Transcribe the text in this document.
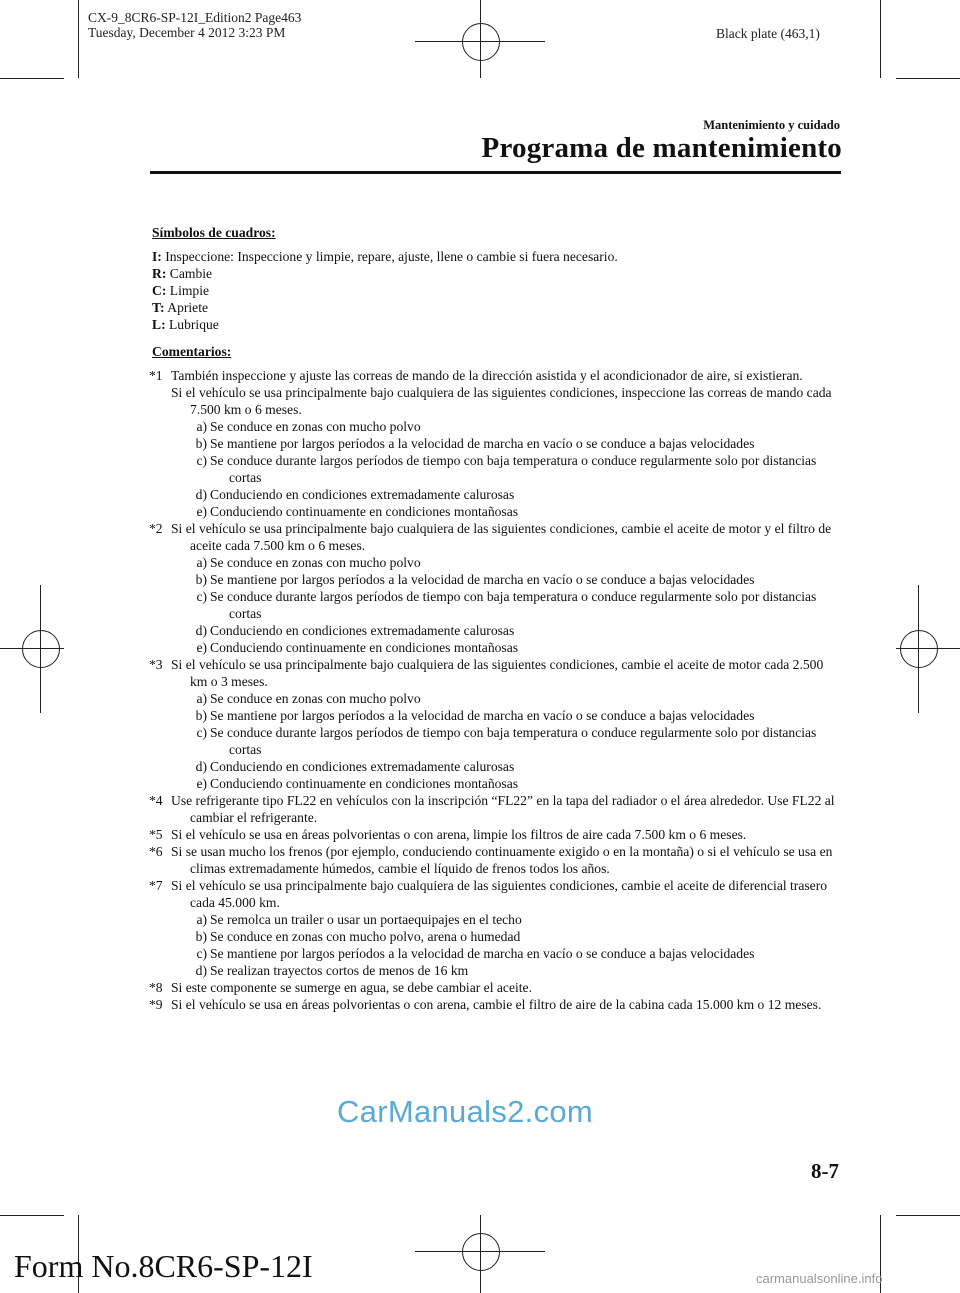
CX-9_8CR6-SP-12I_Edition2 Page463
Tuesday, December 4 2012 3:23 PM	Black plate (463,1)
Mantenimiento y cuidado
Programa de mantenimiento
Símbolos de cuadros:
I: Inspeccione: Inspeccione y limpie, repare, ajuste, llene o cambie si fuera necesario.
R: Cambie
C: Limpie
T: Apriete
L: Lubrique
Comentarios:
*1 También inspeccione y ajuste las correas de mando de la dirección asistida y el acondicionador de aire, si existieran.

Si el vehículo se usa principalmente bajo cualquiera de las siguientes condiciones, inspeccione las correas de mando cada 7.500 km o 6 meses.

a) Se conduce en zonas con mucho polvo

b) Se mantiene por largos períodos a la velocidad de marcha en vacío o se conduce a bajas velocidades

c) Se conduce durante largos períodos de tiempo con baja temperatura o conduce regularmente solo por distancias cortas

d) Conduciendo en condiciones extremadamente calurosas

e) Conduciendo continuamente en condiciones montañosas

*2 Si el vehículo se usa principalmente bajo cualquiera de las siguientes condiciones, cambie el aceite de motor y el filtro de aceite cada 7.500 km o 6 meses.

a) Se conduce en zonas con mucho polvo

b) Se mantiene por largos períodos a la velocidad de marcha en vacío o se conduce a bajas velocidades

c) Se conduce durante largos períodos de tiempo con baja temperatura o conduce regularmente solo por distancias cortas

d) Conduciendo en condiciones extremadamente calurosas

e) Conduciendo continuamente en condiciones montañosas

*3 Si el vehículo se usa principalmente bajo cualquiera de las siguientes condiciones, cambie el aceite de motor cada 2.500 km o 3 meses.

a) Se conduce en zonas con mucho polvo

b) Se mantiene por largos períodos a la velocidad de marcha en vacío o se conduce a bajas velocidades

c) Se conduce durante largos períodos de tiempo con baja temperatura o conduce regularmente solo por distancias cortas

d) Conduciendo en condiciones extremadamente calurosas

e) Conduciendo continuamente en condiciones montañosas

*4 Use refrigerante tipo FL22 en vehículos con la inscripción “FL22” en la tapa del radiador o el área alrededor. Use FL22 al cambiar el refrigerante.

*5 Si el vehículo se usa en áreas polvorientas o con arena, limpie los filtros de aire cada 7.500 km o 6 meses.

*6 Si se usan mucho los frenos (por ejemplo, conduciendo continuamente exigido o en la montaña) o si el vehículo se usa en climas extremadamente húmedos, cambie el líquido de frenos todos los años.

*7 Si el vehículo se usa principalmente bajo cualquiera de las siguientes condiciones, cambie el aceite de diferencial trasero cada 45.000 km.

a) Se remolca un trailer o usar un portaequipajes en el techo

b) Se conduce en zonas con mucho polvo, arena o humedad

c) Se mantiene por largos períodos a la velocidad de marcha en vacío o se conduce a bajas velocidades

d) Se realizan trayectos cortos de menos de 16 km

*8 Si este componente se sumerge en agua, se debe cambiar el aceite.

*9 Si el vehículo se usa en áreas polvorientas o con arena, cambie el filtro de aire de la cabina cada 15.000 km o 12 meses.

8-7
CarManuals2.com
Form No.8CR6-SP-12I	carmanualsonline.info
